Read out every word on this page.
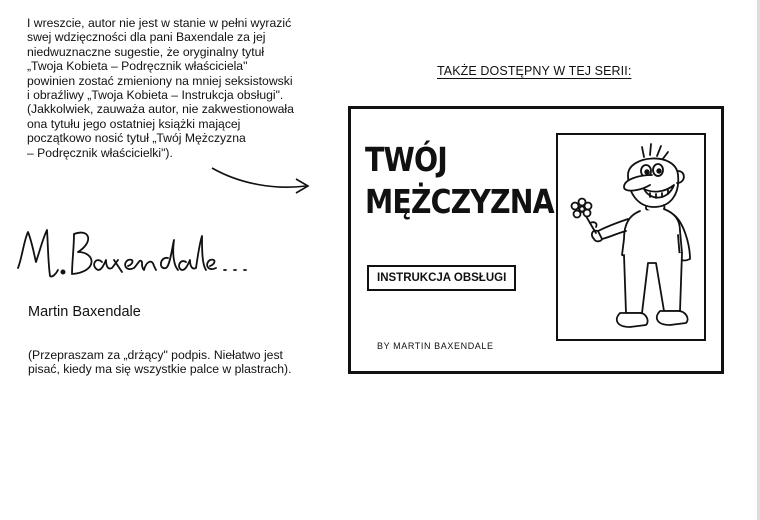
I wreszcie, autor nie jest w stanie w pełni wyrazić
swej wdzięczności dla pani Baxendale za jej
niedwuznaczne sugestie, że oryginalny tytuł
„Twoja Kobieta – Podręcznik właściciela"
powinien zostać zmieniony na mniej seksistowski
i obraźliwy „Twoja Kobieta – Instrukcja obsługi".
(Jakkolwiek, zauważa autor, nie zakwestionowała
ona tytułu jego ostatniej książki mającej
początkowo nosić tytuł „Twój Mężczyzna
– Podręcznik właścicielki").

Martin Baxendale

(Przepraszam za „drżący" podpis. Niełatwo jest
pisać, kiedy ma się wszystkie palce w plastrach).

TAKŻE DOSTĘPNY W TEJ SERII:

TWÓJ
MĘŻCZYZNA
INSTRUKCJA OBSŁUGI
BY MARTIN BAXENDALE
